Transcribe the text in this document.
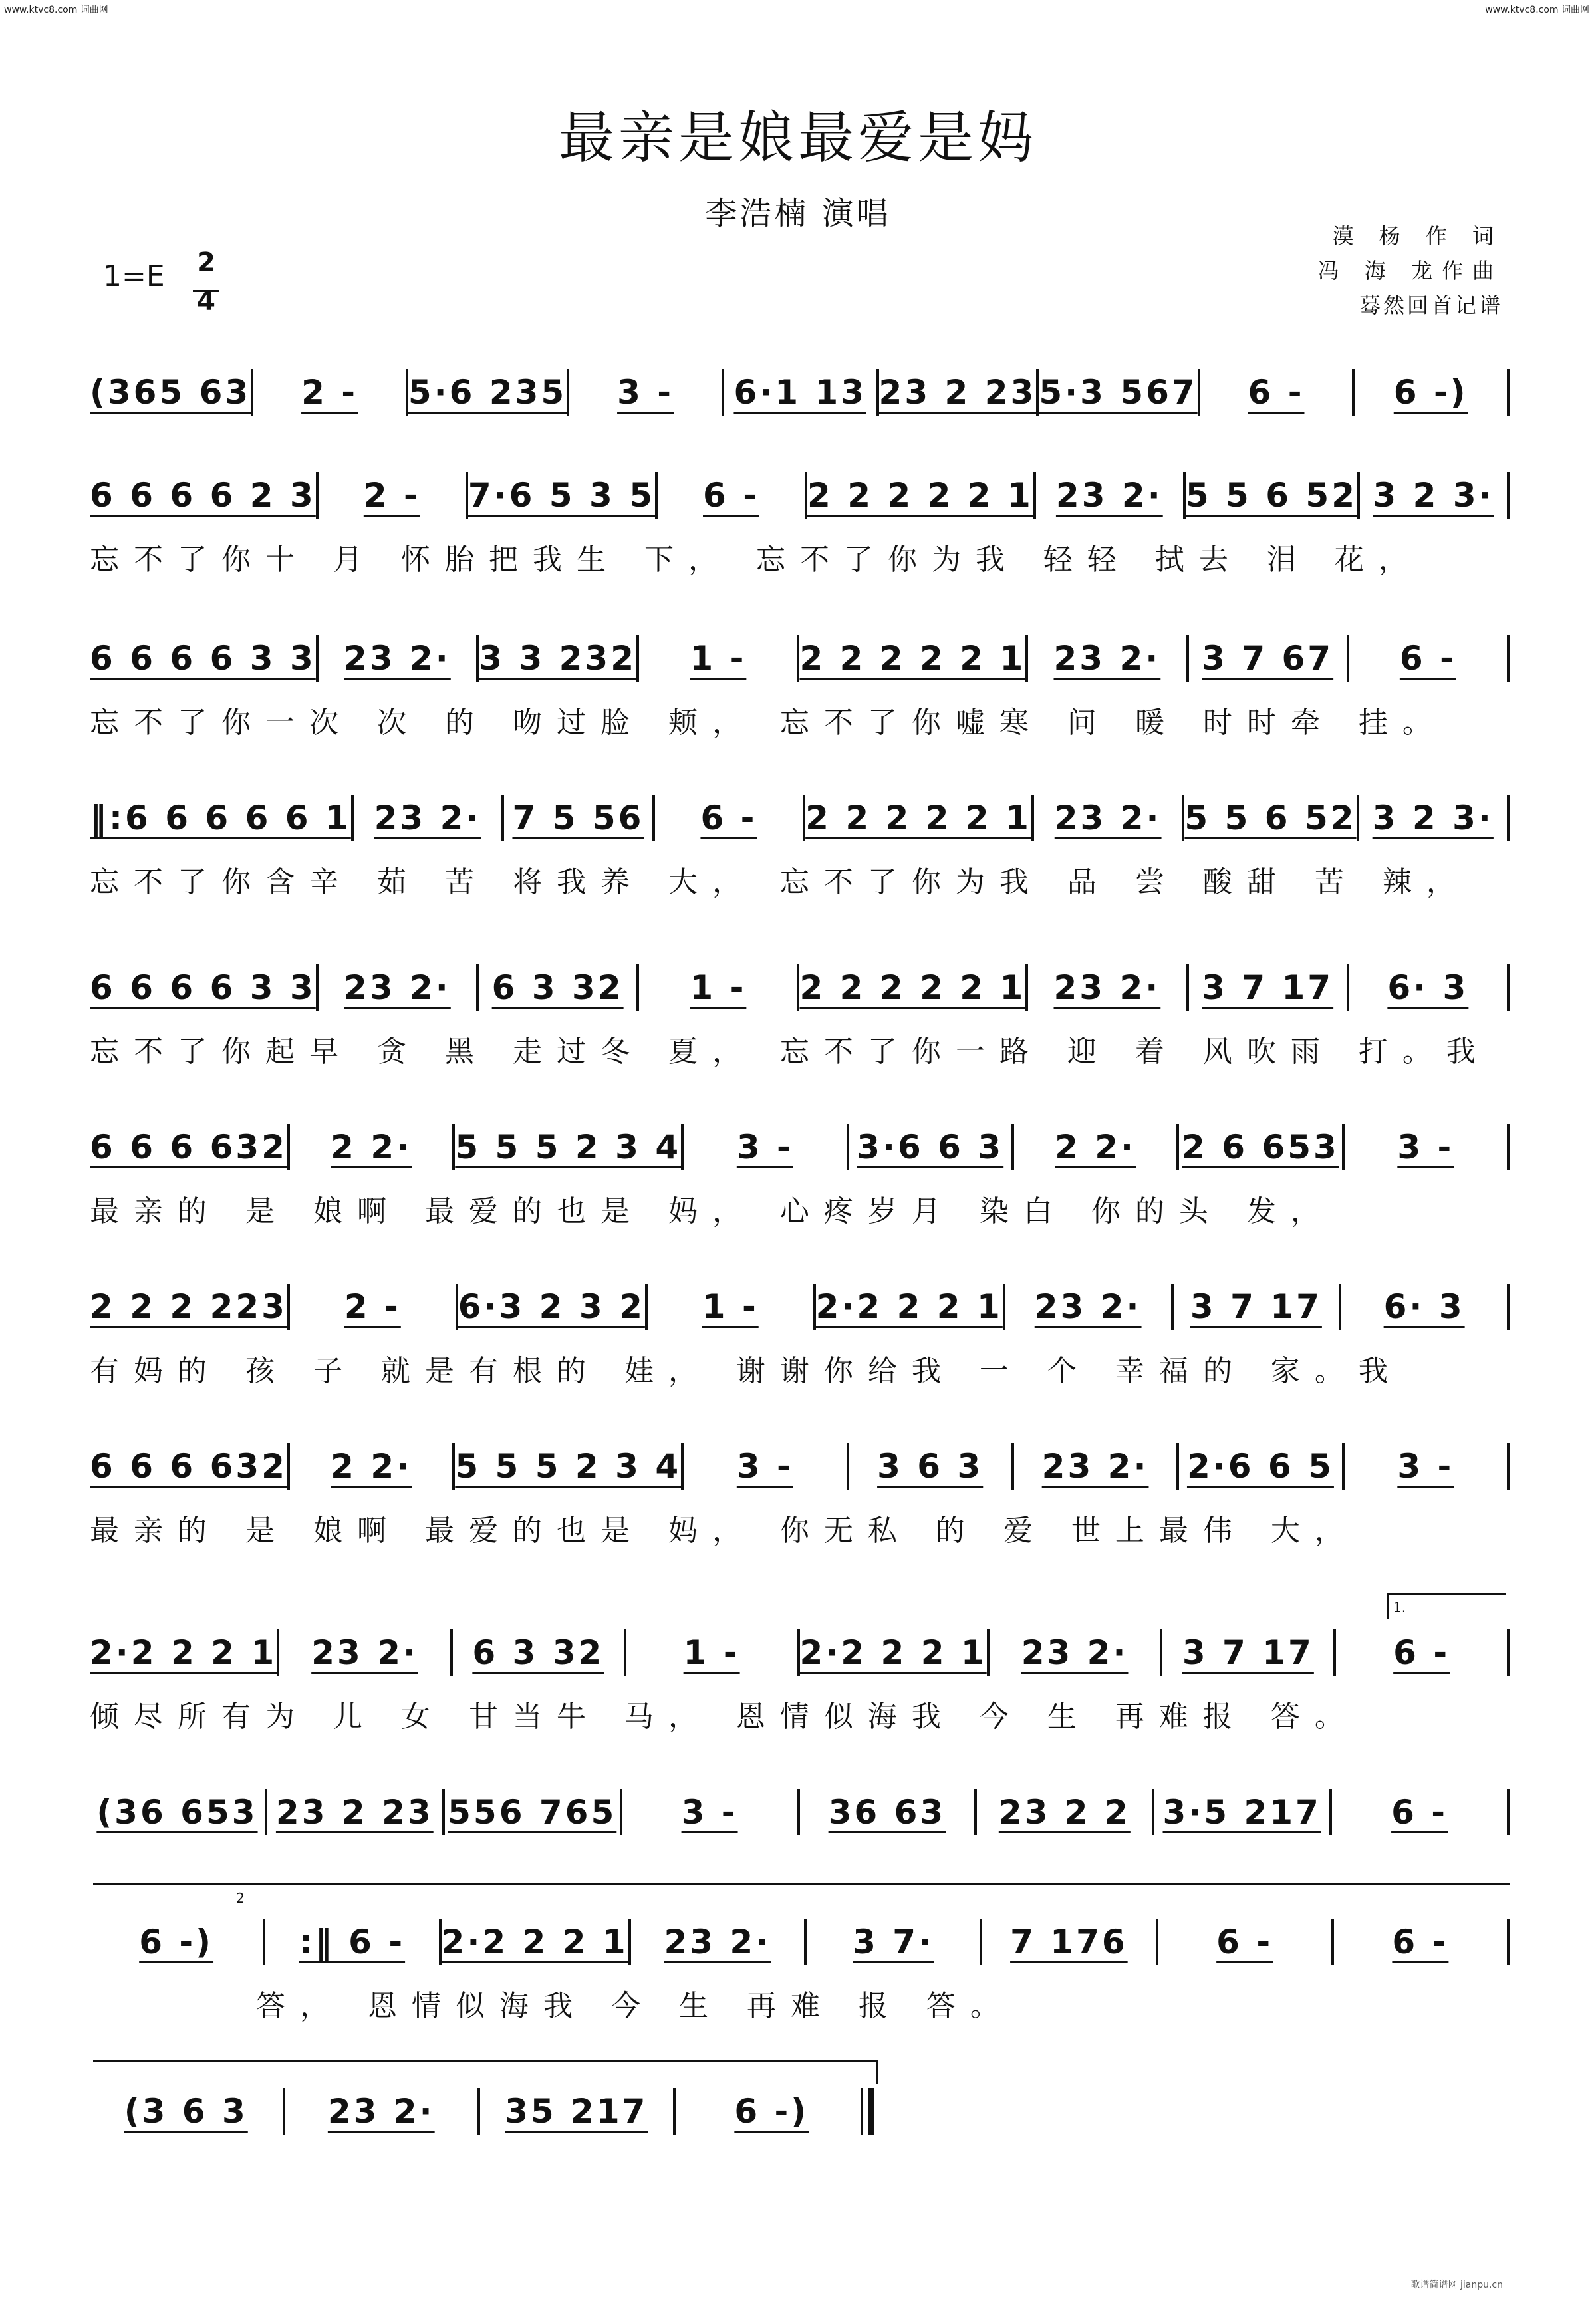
www.ktvc8.com 词曲网	www.ktvc8.com 词曲网
最亲是娘最爱是妈
李浩楠 演唱
漠 杨 作 词
冯 海 龙作曲
蓦然回首记谱
1=E 2
4
(365 63	2 -	5·6 235	3 -	6·1 13 23 2 23 5·3 567	6 -	6 -)
6 6 6 6 2 3	2 -	7·6 5 3 5	6 -	2 2 2 2 2 1 23 2· 5 5 6 52 3 2 3·
忘不了你十 月 怀胎把我生 下， 忘不了你为我 轻轻 拭去 泪 花，
6 6 6 6 3 3 23 2· 3 3 232	1 -	2 2 2 2 2 1 23 2·	3 7 67	6 -
忘不了你一次 次 的 吻过脸 颊， 忘不了你嘘寒 问 暖 时时牵 挂。
‖:6 6 6 6 6 1 23 2· 7 5 56	6 -	2 2 2 2 2 1 23 2· 5 5 6 52 3 2 3·
忘不了你含辛 茹 苦 将我养 大， 忘不了你为我 品 尝 酸甜 苦 辣，
6 6 6 6 3 3 23 2·	6 3 32	1 -	2 2 2 2 2 1 23 2·	3 7 17	6· 3
忘不了你起早 贪 黑 走过冬 夏， 忘不了你一路 迎 着 风吹雨 打。我
6 6 6 632	2 2·	5 5 5 2 3 4	3 -	3·6 6 3	2 2·	2 6 653	3 -
最亲的 是 娘啊 最爱的也是 妈， 心疼岁月 染白 你的头 发，
2 2 2 223	2 -	6·3 2 3 2	1 -	2·2 2 2 1 23 2·	3 7 17	6· 3
有妈的 孩 子 就是有根的 娃， 谢谢你给我 一 个 幸福的 家。我
6 6 6 632	2 2·	5 5 5 2 3 4	3 -	3 6 3	23 2·	2·6 6 5	3 -
最亲的 是 娘啊 最爱的也是 妈， 你无私 的 爱 世上最伟 大，
1.
2·2 2 2 1	23 2·	6 3 32	1 -	2·2 2 2 1	23 2·	3 7 17	6 -
倾尽所有为 儿 女 甘当牛 马， 恩情似海我 今 生 再难报 答。
(36 653 23 2 23 556 765	3 -	36 63	23 2 2 3·5 217	6 -
2
6 -)	:‖ 6 -	2·2 2 2 1	23 2·	3 7·	7 176	6 -	6 -
答， 恩情似海我 今 生 再难 报 答。
(3 6 3	23 2·	35 217	6 -)
歌谱简谱网 jianpu.cn
